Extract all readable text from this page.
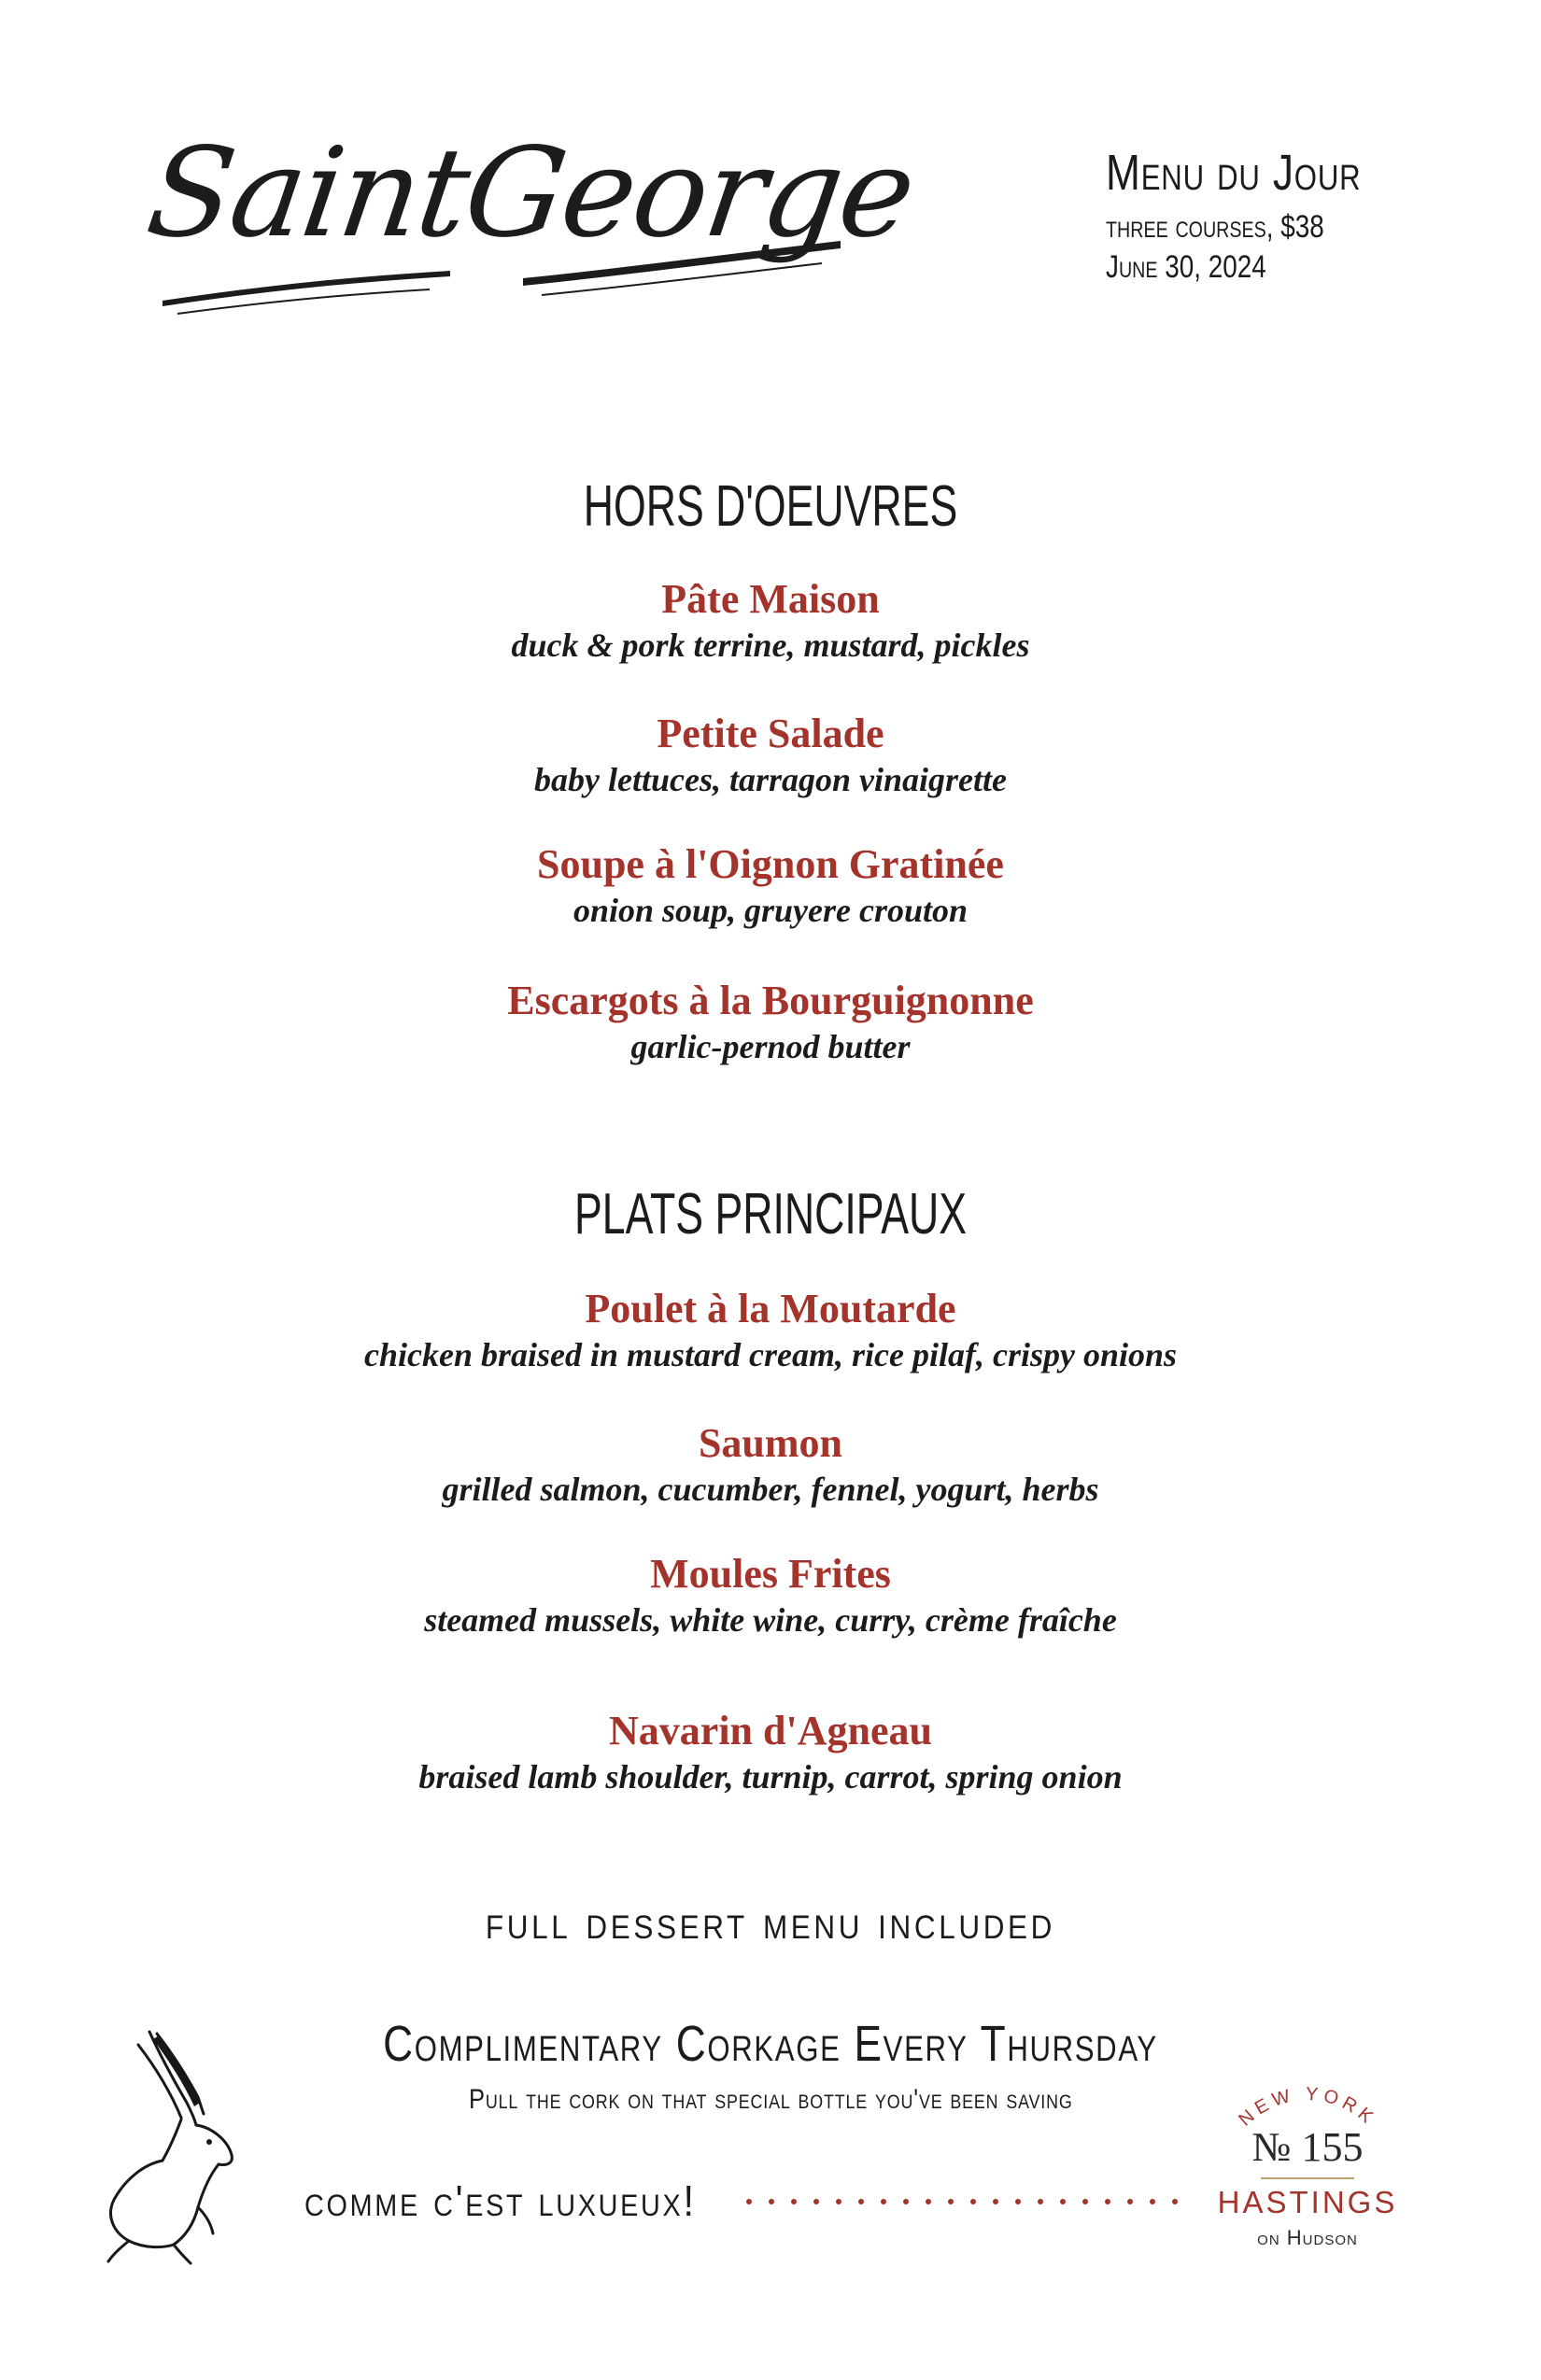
SaintGeorge	Menu du Jour
three courses, $38
June 30, 2024
HORS D'OEUVRES
Pâte Maison
duck & pork terrine, mustard, pickles
Petite Salade
baby lettuces, tarragon vinaigrette
Soupe à l'Oignon Gratinée
onion soup, gruyere crouton
Escargots à la Bourguignonne
garlic-pernod butter
PLATS PRINCIPAUX
Poulet à la Moutarde
chicken braised in mustard cream, rice pilaf, crispy onions
Saumon
grilled salmon, cucumber, fennel, yogurt, herbs
Moules Frites
steamed mussels, white wine, curry, crème fraîche
Navarin d'Agneau
braised lamb shoulder, turnip, carrot, spring onion
full dessert menu included
Complimentary Corkage Every Thursday
Pull the cork on that special bottle you've been saving
comme c'est luxueux!
NEW YORK
№ 155
HASTINGS
on Hudson
